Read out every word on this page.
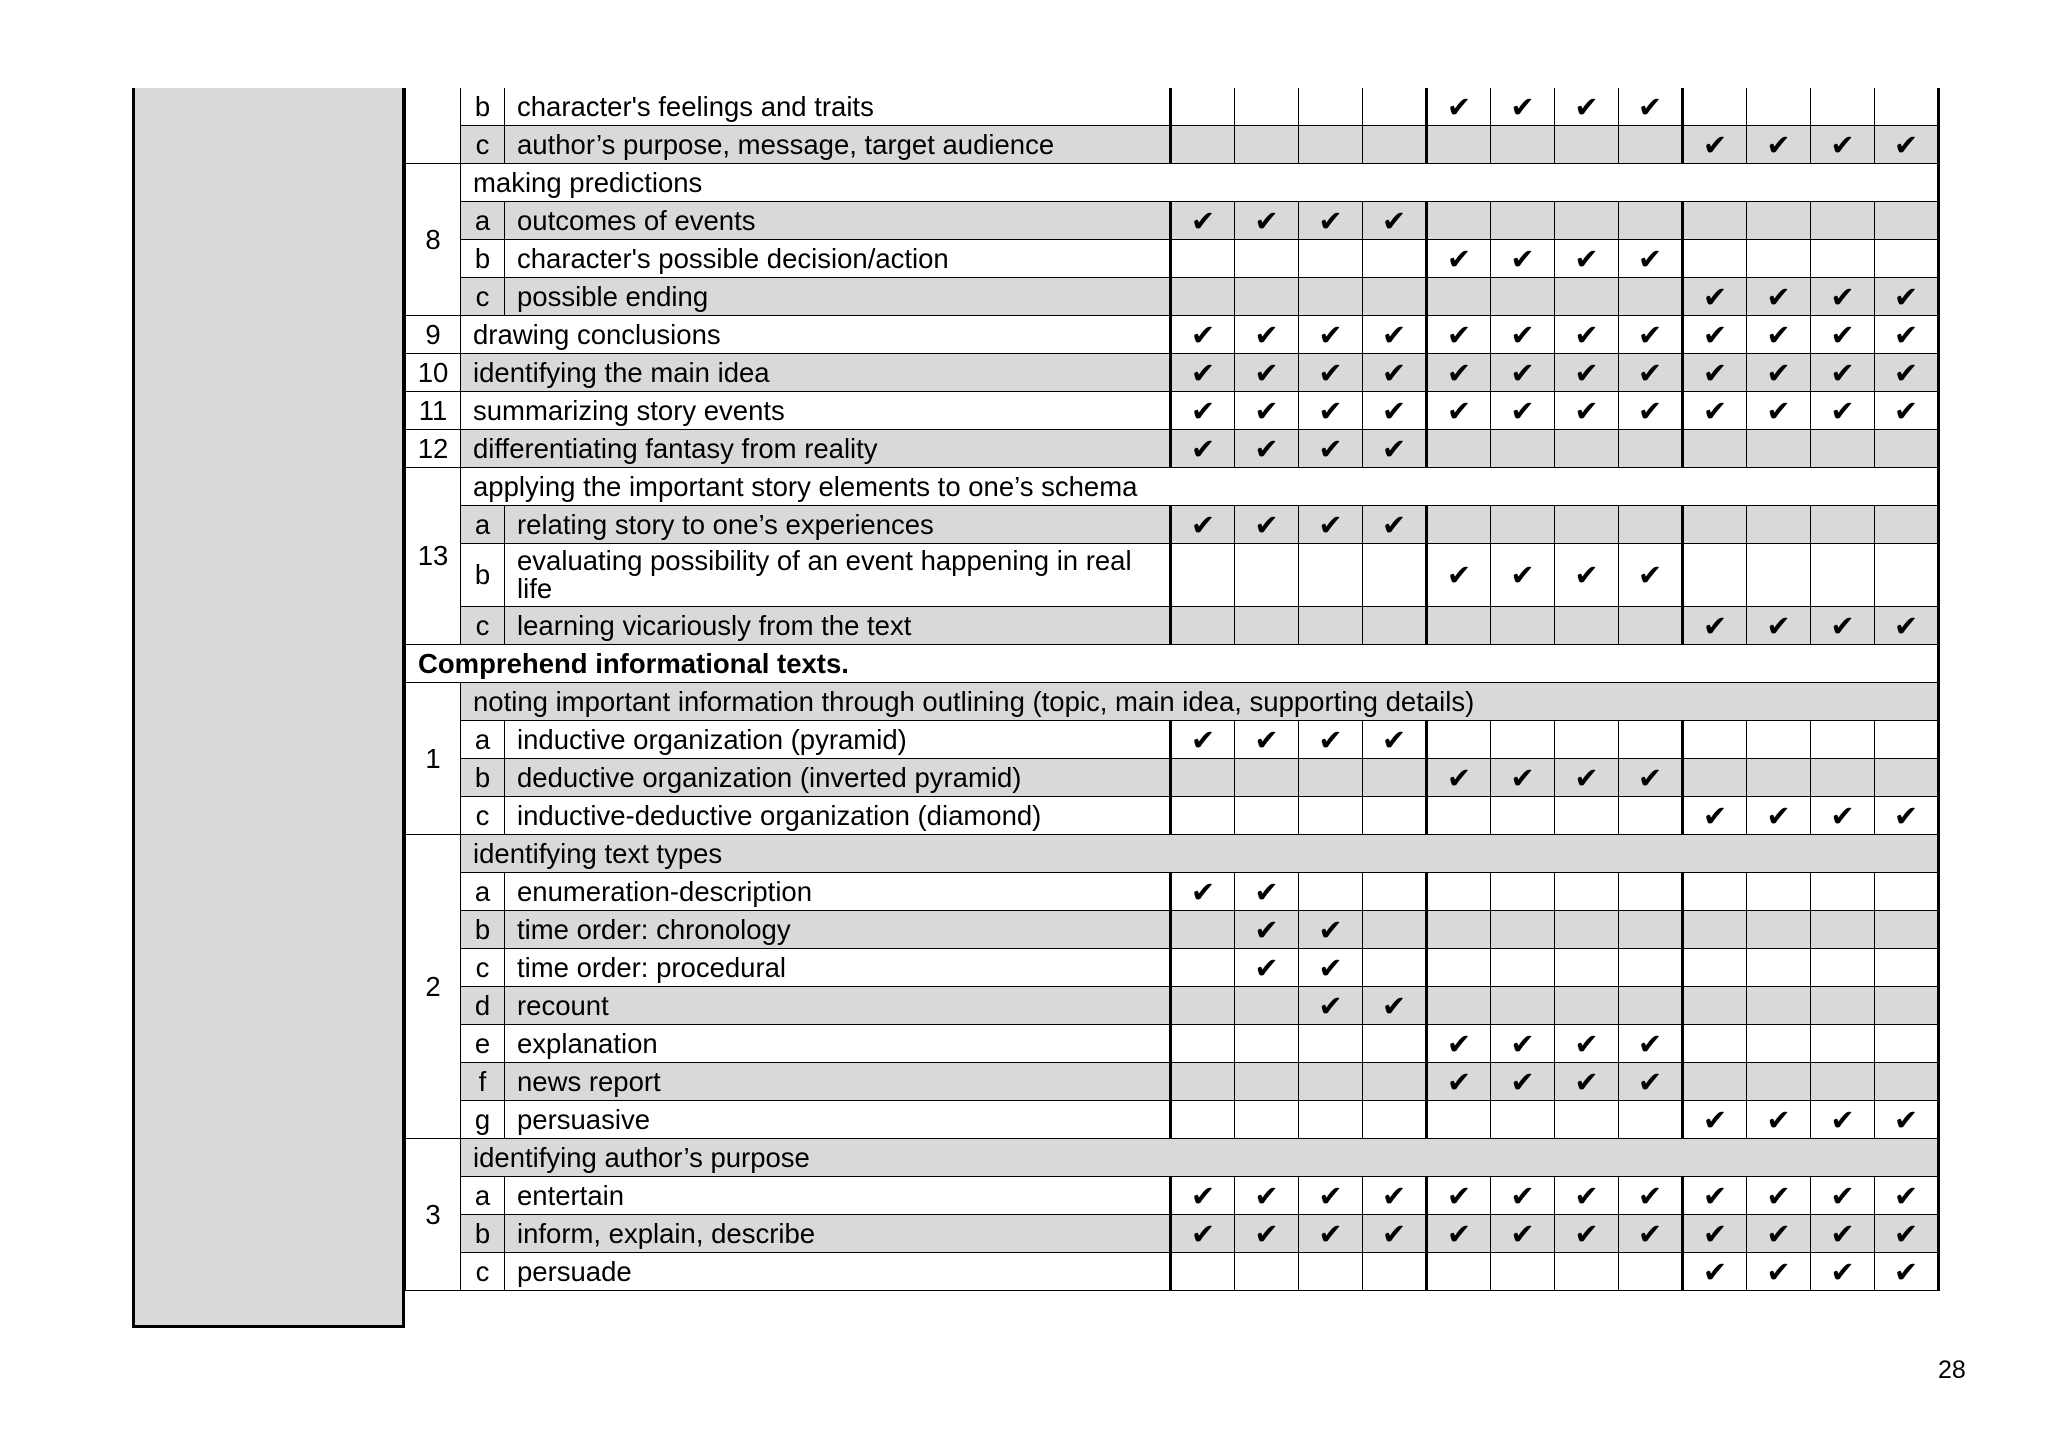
	b	character's feelings and traits					✔	✔	✔	✔				
	c	author’s purpose, message, target audience									✔	✔	✔	✔
8	making predictions													
	a	outcomes of events	✔	✔	✔	✔								
	b	character's possible decision/action					✔	✔	✔	✔				
	c	possible ending									✔	✔	✔	✔
9	drawing conclusions		✔	✔	✔	✔	✔	✔	✔	✔	✔	✔	✔	✔
10	identifying the main idea		✔	✔	✔	✔	✔	✔	✔	✔	✔	✔	✔	✔
11	summarizing story events		✔	✔	✔	✔	✔	✔	✔	✔	✔	✔	✔	✔
12	differentiating fantasy from reality		✔	✔	✔	✔								
13	applying the important story elements to one’s schema													
	a	relating story to one’s experiences	✔	✔	✔	✔								
	b	evaluating possibility of an event happening in real life					✔	✔	✔	✔				
	c	learning vicariously from the text									✔	✔	✔	✔
Comprehend informational texts.														
1	noting important information through outlining (topic, main idea, supporting details)													
	a	inductive organization (pyramid)	✔	✔	✔	✔								
	b	deductive organization (inverted pyramid)					✔	✔	✔	✔				
	c	inductive-deductive organization (diamond)									✔	✔	✔	✔
2	identifying text types													
	a	enumeration-description	✔	✔										
	b	time order: chronology		✔	✔									
	c	time order: procedural		✔	✔									
	d	recount			✔	✔								
	e	explanation					✔	✔	✔	✔				
	f	news report					✔	✔	✔	✔				
	g	persuasive									✔	✔	✔	✔
3	identifying author’s purpose													
	a	entertain	✔	✔	✔	✔	✔	✔	✔	✔	✔	✔	✔	✔
	b	inform, explain, describe	✔	✔	✔	✔	✔	✔	✔	✔	✔	✔	✔	✔
	c	persuade									✔	✔	✔	✔
28
